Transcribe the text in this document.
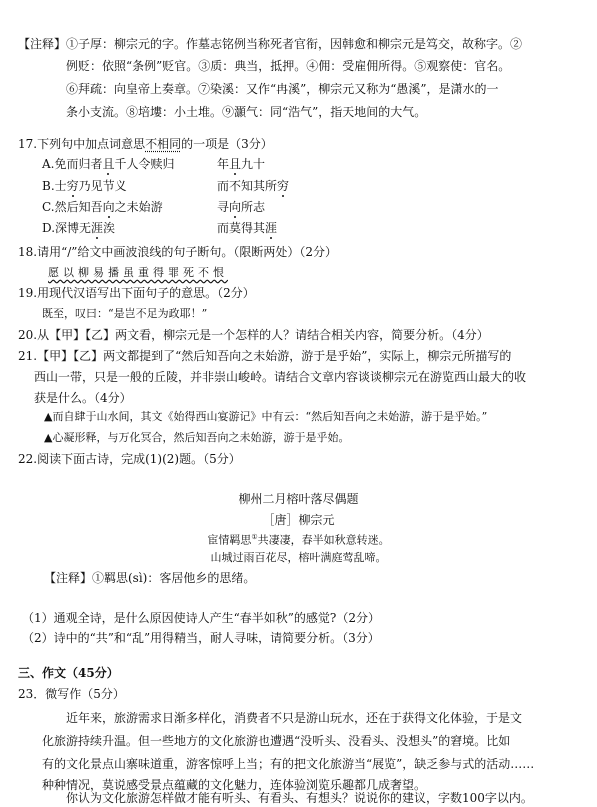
【注释】①子厚：柳宗元的字。作墓志铭例当称死者官衔，因韩愈和柳宗元是笃交，故称字。②
例贬：依照“条例”贬官。③质：典当，抵押。④佣：受雇佣所得。⑤观察使：官名。
⑥拜疏：向皇帝上奏章。⑦染溪：又作“冉溪”，柳宗元又称为“愚溪”，是潇水的一
条小支流。⑧培塿：小土堆。⑨灝气：同“浩气”，指天地间的大气。
17.下列句中加点词意思不相同的一项是（3分）
A.免而归者且千人令赎归	年且九十
B.士穷乃见节义	而不知其所穷
C.然后知吾向之未始游	寻向所志
D.深博无涯涘	而莫得其涯
18.请用“/”给文中画波浪线的句子断句。（限断两处）（2分）
愿以柳易播虽重得罪死不恨
19.用现代汉语写出下面句子的意思。（2分）
既至，叹曰：“是岂不足为政耶！”
20.从【甲】【乙】两文看，柳宗元是一个怎样的人？请结合相关内容，简要分析。（4分）
21.【甲】【乙】两文都提到了“然后知吾向之未始游，游于是乎始”，实际上，柳宗元所描写的
西山一带，只是一般的丘陵，并非崇山峻岭。请结合文章内容谈谈柳宗元在游览西山最大的收
获是什么。（4分）
▲而自肆于山水间，其文《始得西山宴游记》中有云：“然后知吾向之未始游，游于是乎始。”
▲心凝形释，与万化冥合，然后知吾向之未始游，游于是乎始。
22.阅读下面古诗，完成(1)(2)题。（5分）
柳州二月榕叶落尽偶题
［唐］柳宗元
宦情羁思①共凄凄，春半如秋意转迷。
山城过雨百花尽，榕叶满庭莺乱啼。
【注释】①羁思(sì)：客居他乡的思绪。
（1）通观全诗，是什么原因使诗人产生“春半如秋”的感觉?（2分）
（2）诗中的“共”和“乱”用得精当，耐人寻味，请简要分析。（3分）
三、作文（45分）
23．微写作（5分）
近年来，旅游需求日渐多样化，消费者不只是游山玩水，还在于获得文化体验，于是文
化旅游持续升温。但一些地方的文化旅游也遭遇“没听头、没看头、没想头”的窘境。比如
有的文化景点山寨味道重，游客惊呼上当；有的把文化旅游当“展览”，缺乏参与式的活动……
种种情况，莫说感受景点蕴藏的文化魅力，连体验浏览乐趣都几成奢望。
你认为文化旅游怎样做才能有听头、有看头、有想头？说说你的建议，字数100字以内。
